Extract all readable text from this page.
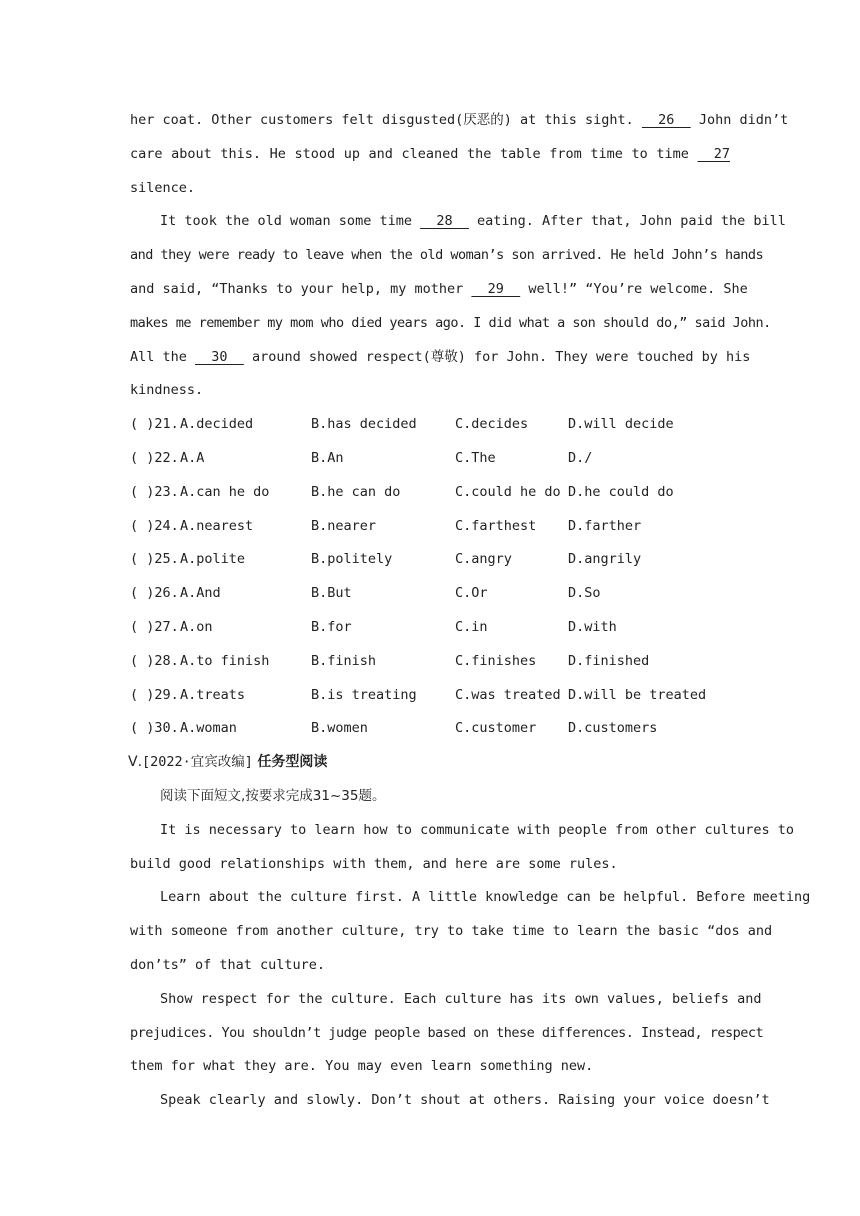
her coat. Other customers felt disgusted(厌恶的) at this sight.   26   John didn’t
care about this. He stood up and cleaned the table from time to time   27
silence.
It took the old woman some time   28   eating. After that, John paid the bill
and they were ready to leave when the old woman’s son arrived. He held John’s hands
and said, “Thanks to your help, my mother   29   well!” “You’re welcome. She
makes me remember my mom who died years ago. I did what a son should do,” said John.
All the   30   around showed respect(尊敬) for John. They were touched by his
kindness.
( )21. A.decided	B.has decided	C.decides	D.will decide
( )22. A.A	B.An	C.The	D./
( )23. A.can he do	B.he can do	C.could he do D.he could do
( )24. A.nearest	B.nearer	C.farthest	D.farther
( )25. A.polite	B.politely	C.angry	D.angrily
( )26. A.And	B.But	C.Or	D.So
( )27. A.on	B.for	C.in	D.with
( )28. A.to finish	B.finish	C.finishes	D.finished
( )29. A.treats	B.is treating	C.was treated D.will be treated
( )30. A.woman	B.women	C.customer	D.customers
Ⅴ.[2022·宜宾改编] 任务型阅读
阅读下面短文,按要求完成31~35题。
It is necessary to learn how to communicate with people from other cultures to
build good relationships with them, and here are some rules.
Learn about the culture first. A little knowledge can be helpful. Before meeting
with someone from another culture, try to take time to learn the basic “dos and
don’ts” of that culture.
Show respect for the culture. Each culture has its own values, beliefs and
prejudices. You shouldn’t judge people based on these differences. Instead, respect
them for what they are. You may even learn something new.
Speak clearly and slowly. Don’t shout at others. Raising your voice doesn’t
